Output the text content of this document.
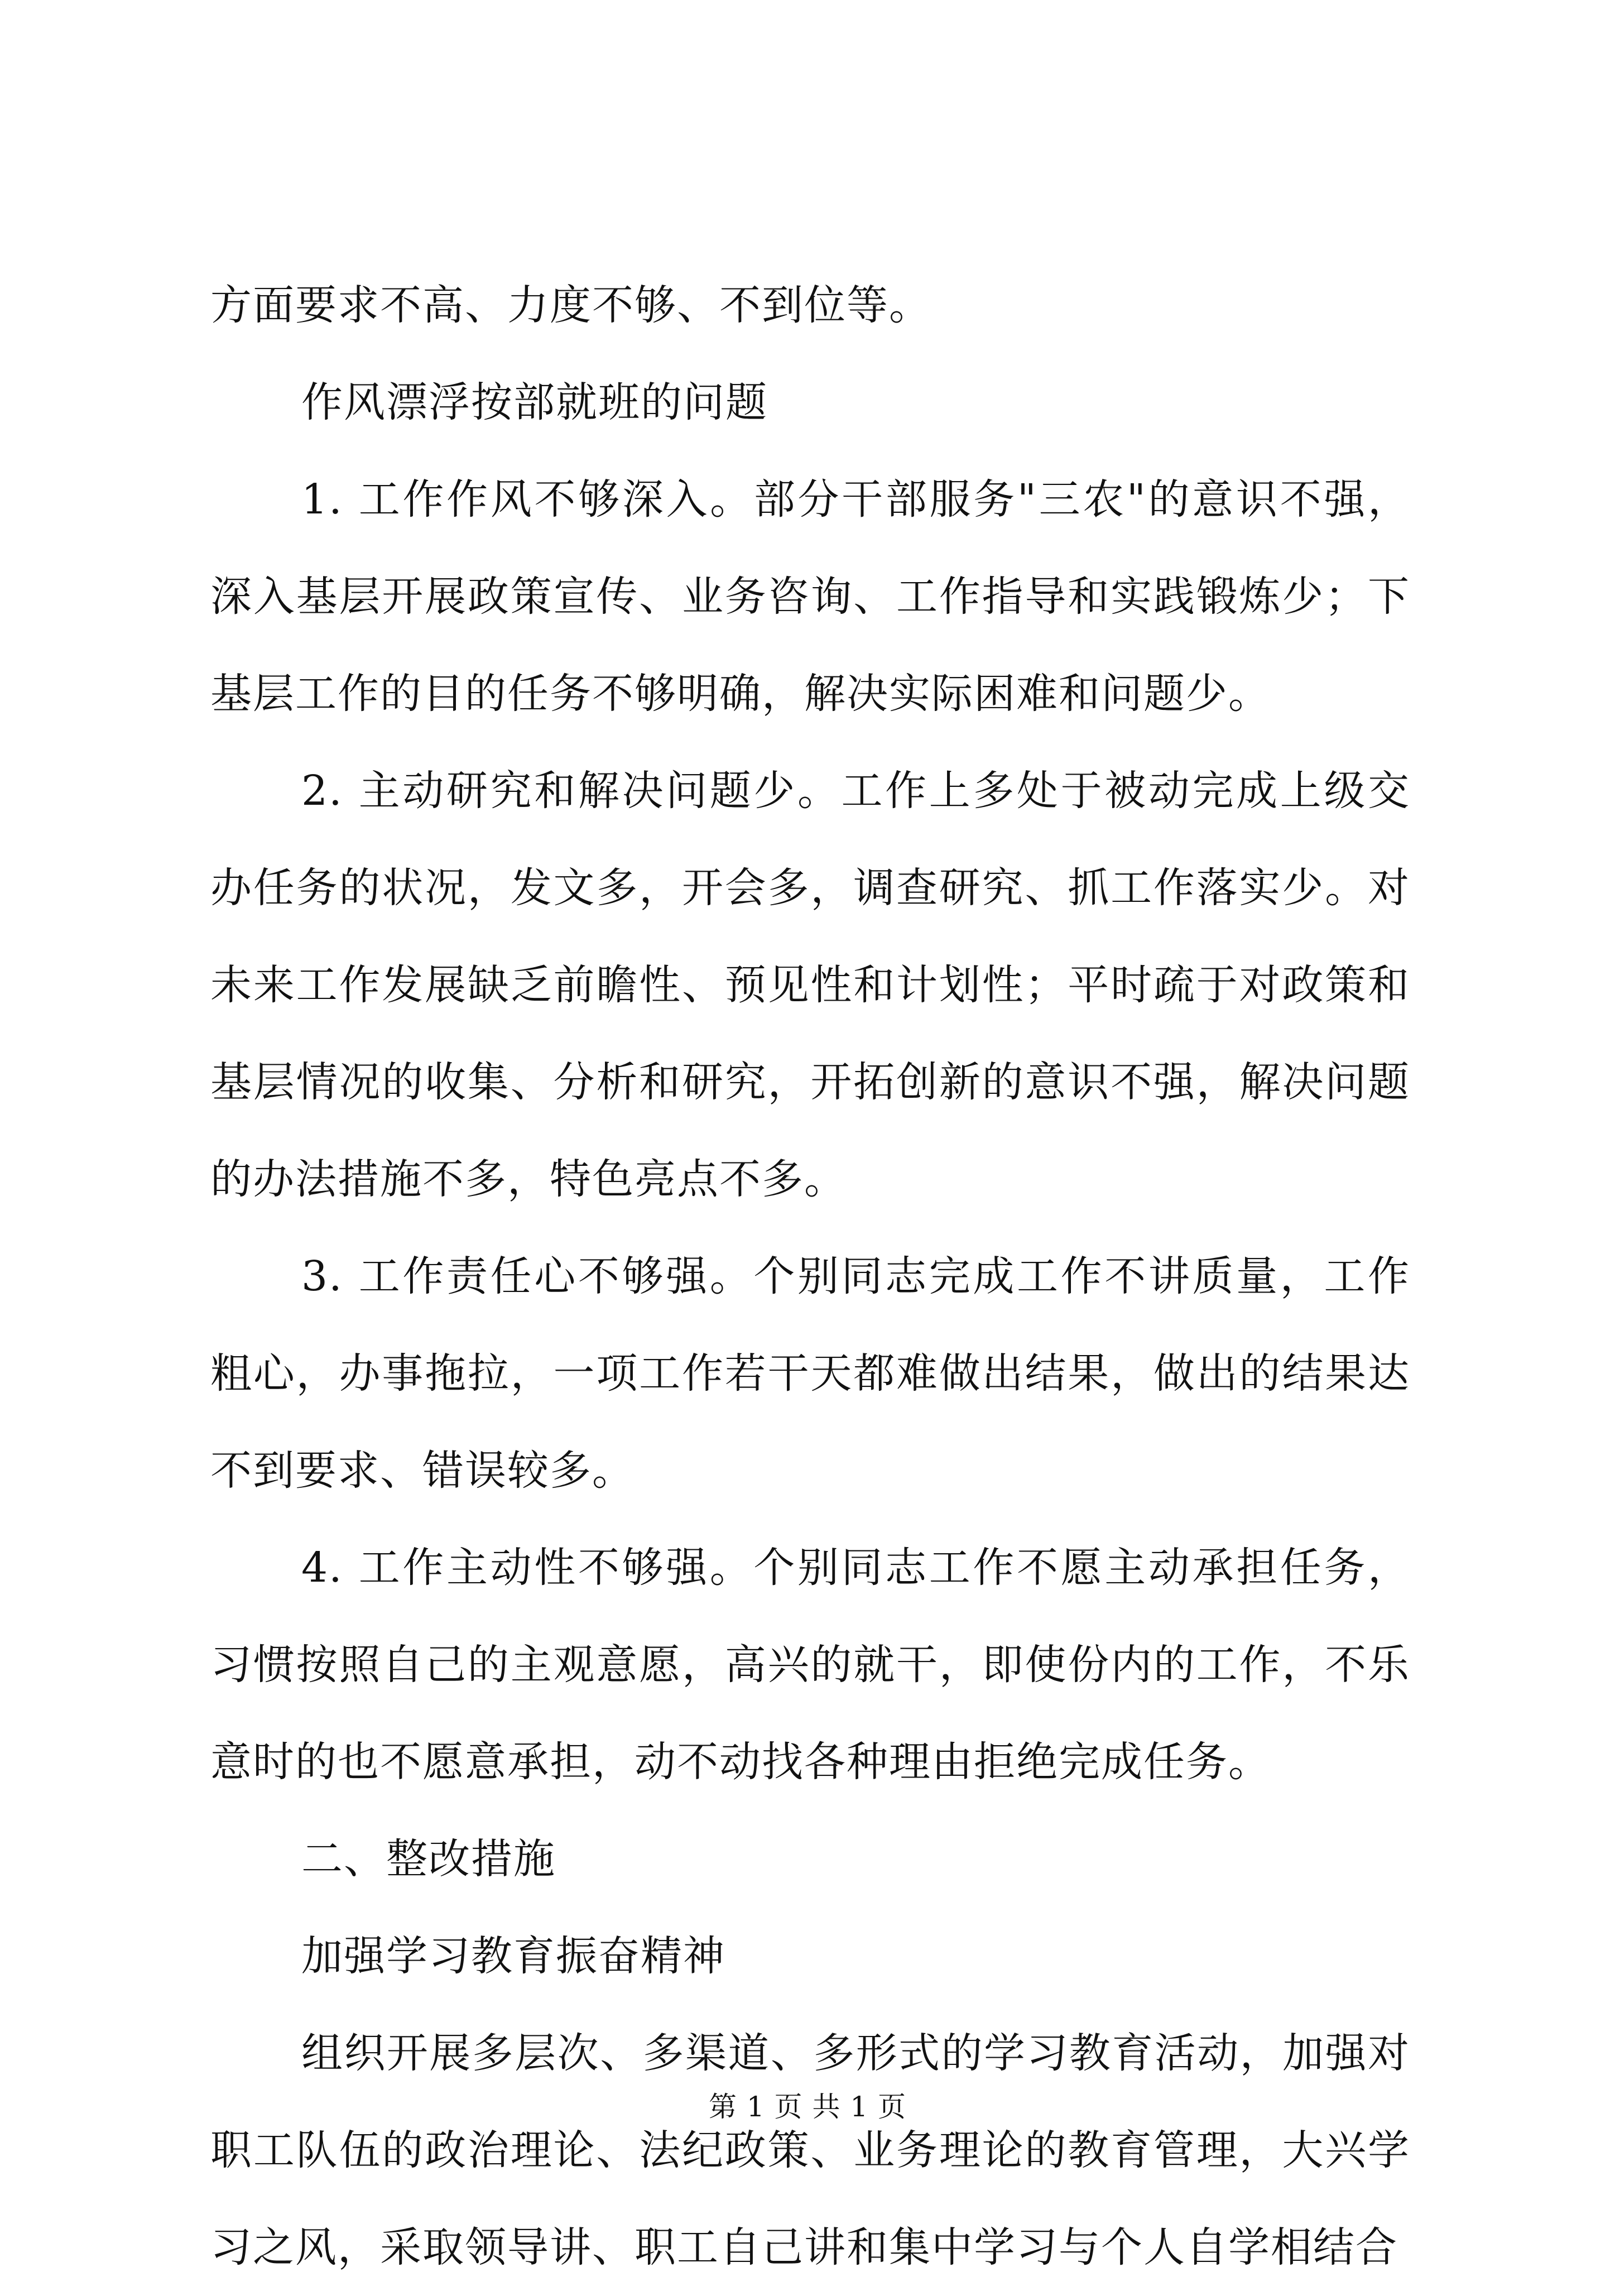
方面要求不高、力度不够、不到位等。

作风漂浮按部就班的问题

1. 工作作风不够深入。部分干部服务"三农"的意识不强，深入基层开展政策宣传、业务咨询、工作指导和实践锻炼少；下基层工作的目的任务不够明确，解决实际困难和问题少。

2. 主动研究和解决问题少。工作上多处于被动完成上级交办任务的状况，发文多，开会多，调查研究、抓工作落实少。对未来工作发展缺乏前瞻性、预见性和计划性；平时疏于对政策和基层情况的收集、分析和研究，开拓创新的意识不强，解决问题的办法措施不多，特色亮点不多。

3. 工作责任心不够强。个别同志完成工作不讲质量，工作粗心，办事拖拉，一项工作若干天都难做出结果，做出的结果达不到要求、错误较多。

4. 工作主动性不够强。个别同志工作不愿主动承担任务，习惯按照自己的主观意愿，高兴的就干，即使份内的工作，不乐意时的也不愿意承担，动不动找各种理由拒绝完成任务。

二、整改措施

加强学习教育振奋精神

组织开展多层次、多渠道、多形式的学习教育活动，加强对职工队伍的政治理论、法纪政策、业务理论的教育管理，大兴学习之风，采取领导讲、职工自己讲和集中学习与个人自学相结合

第 1 页 共 1 页
